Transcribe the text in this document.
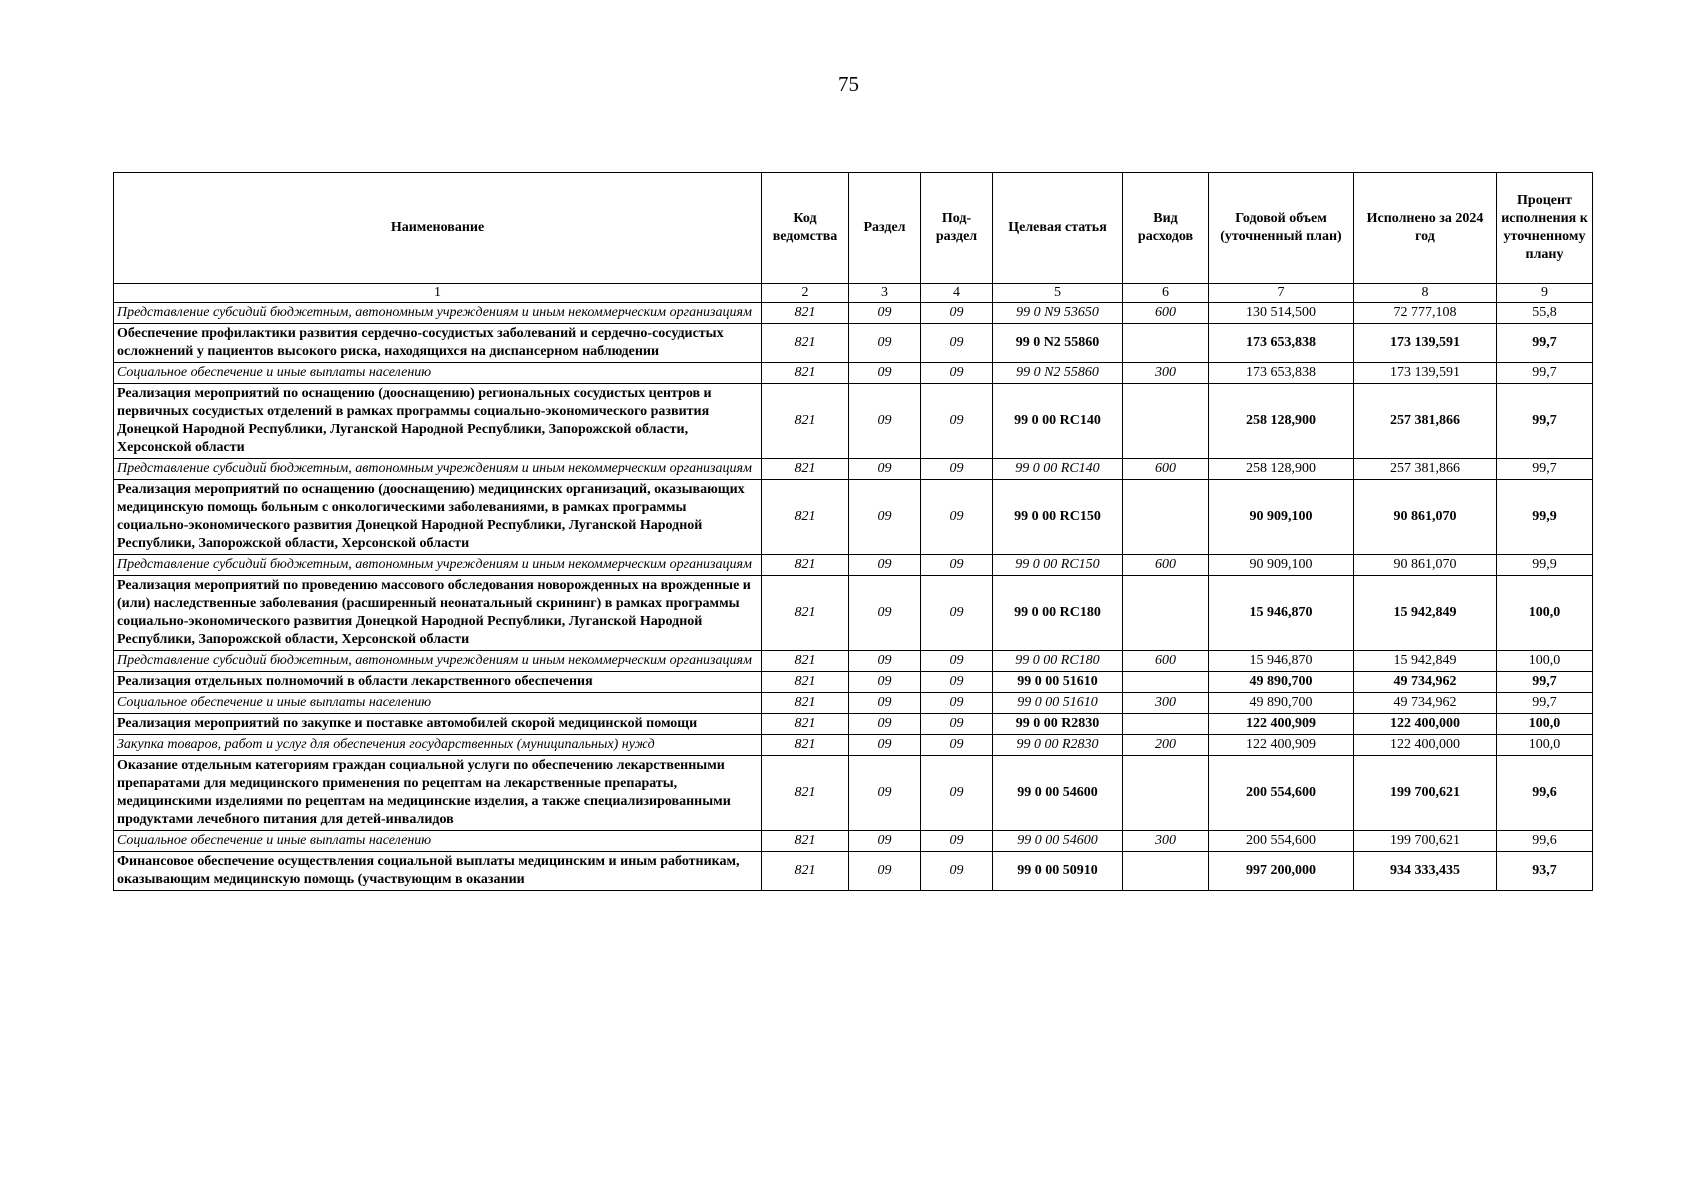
75
Наименование	Код ведомства	Раздел	Под-раздел	Целевая статья	Вид расходов	Годовой объем (уточненный план)	Исполнено за 2024 год	Процент исполнения к уточненному плану
1	2	3	4	5	6	7	8	9
Представление субсидий бюджетным, автономным учреждениям и иным некоммерческим организациям	821	09	09	99 0 N9 53650	600	130 514,500	72 777,108	55,8
Обеспечение профилактики развития сердечно-сосудистых заболеваний и сердечно-сосудистых осложнений у пациентов высокого риска, находящихся на диспансерном наблюдении	821	09	09	99 0 N2 55860		173 653,838	173 139,591	99,7
Социальное обеспечение и иные выплаты населению	821	09	09	99 0 N2 55860	300	173 653,838	173 139,591	99,7
Реализация мероприятий по оснащению (дооснащению) региональных сосудистых центров и первичных сосудистых отделений в рамках программы социально-экономического развития Донецкой Народной Республики, Луганской Народной Республики, Запорожской области, Херсонской области	821	09	09	99 0 00 RC140		258 128,900	257 381,866	99,7
Представление субсидий бюджетным, автономным учреждениям и иным некоммерческим организациям	821	09	09	99 0 00 RC140	600	258 128,900	257 381,866	99,7
Реализация мероприятий по оснащению (дооснащению) медицинских организаций, оказывающих медицинскую помощь больным с онкологическими заболеваниями, в рамках программы социально-экономического развития Донецкой Народной Республики, Луганской Народной Республики, Запорожской области, Херсонской области	821	09	09	99 0 00 RC150		90 909,100	90 861,070	99,9
Представление субсидий бюджетным, автономным учреждениям и иным некоммерческим организациям	821	09	09	99 0 00 RC150	600	90 909,100	90 861,070	99,9
Реализация мероприятий по проведению массового обследования новорожденных на врожденные и (или) наследственные заболевания (расширенный неонатальный скрининг) в рамках программы социально-экономического развития Донецкой Народной Республики, Луганской Народной Республики, Запорожской области, Херсонской области	821	09	09	99 0 00 RC180		15 946,870	15 942,849	100,0
Представление субсидий бюджетным, автономным учреждениям и иным некоммерческим организациям	821	09	09	99 0 00 RC180	600	15 946,870	15 942,849	100,0
Реализация отдельных полномочий в области лекарственного обеспечения	821	09	09	99 0 00 51610		49 890,700	49 734,962	99,7
Социальное обеспечение и иные выплаты населению	821	09	09	99 0 00 51610	300	49 890,700	49 734,962	99,7
Реализация мероприятий по закупке и поставке автомобилей скорой медицинской помощи	821	09	09	99 0 00 R2830		122 400,909	122 400,000	100,0
Закупка товаров, работ и услуг для обеспечения государственных (муниципальных) нужд	821	09	09	99 0 00 R2830	200	122 400,909	122 400,000	100,0
Оказание отдельным категориям граждан социальной услуги по обеспечению лекарственными препаратами для медицинского применения по рецептам на лекарственные препараты, медицинскими изделиями по рецептам на медицинские изделия, а также специализированными продуктами лечебного питания для детей-инвалидов	821	09	09	99 0 00 54600		200 554,600	199 700,621	99,6
Социальное обеспечение и иные выплаты населению	821	09	09	99 0 00 54600	300	200 554,600	199 700,621	99,6
Финансовое обеспечение осуществления социальной выплаты медицинским и иным работникам, оказывающим медицинскую помощь (участвующим в оказании	821	09	09	99 0 00 50910		997 200,000	934 333,435	93,7
